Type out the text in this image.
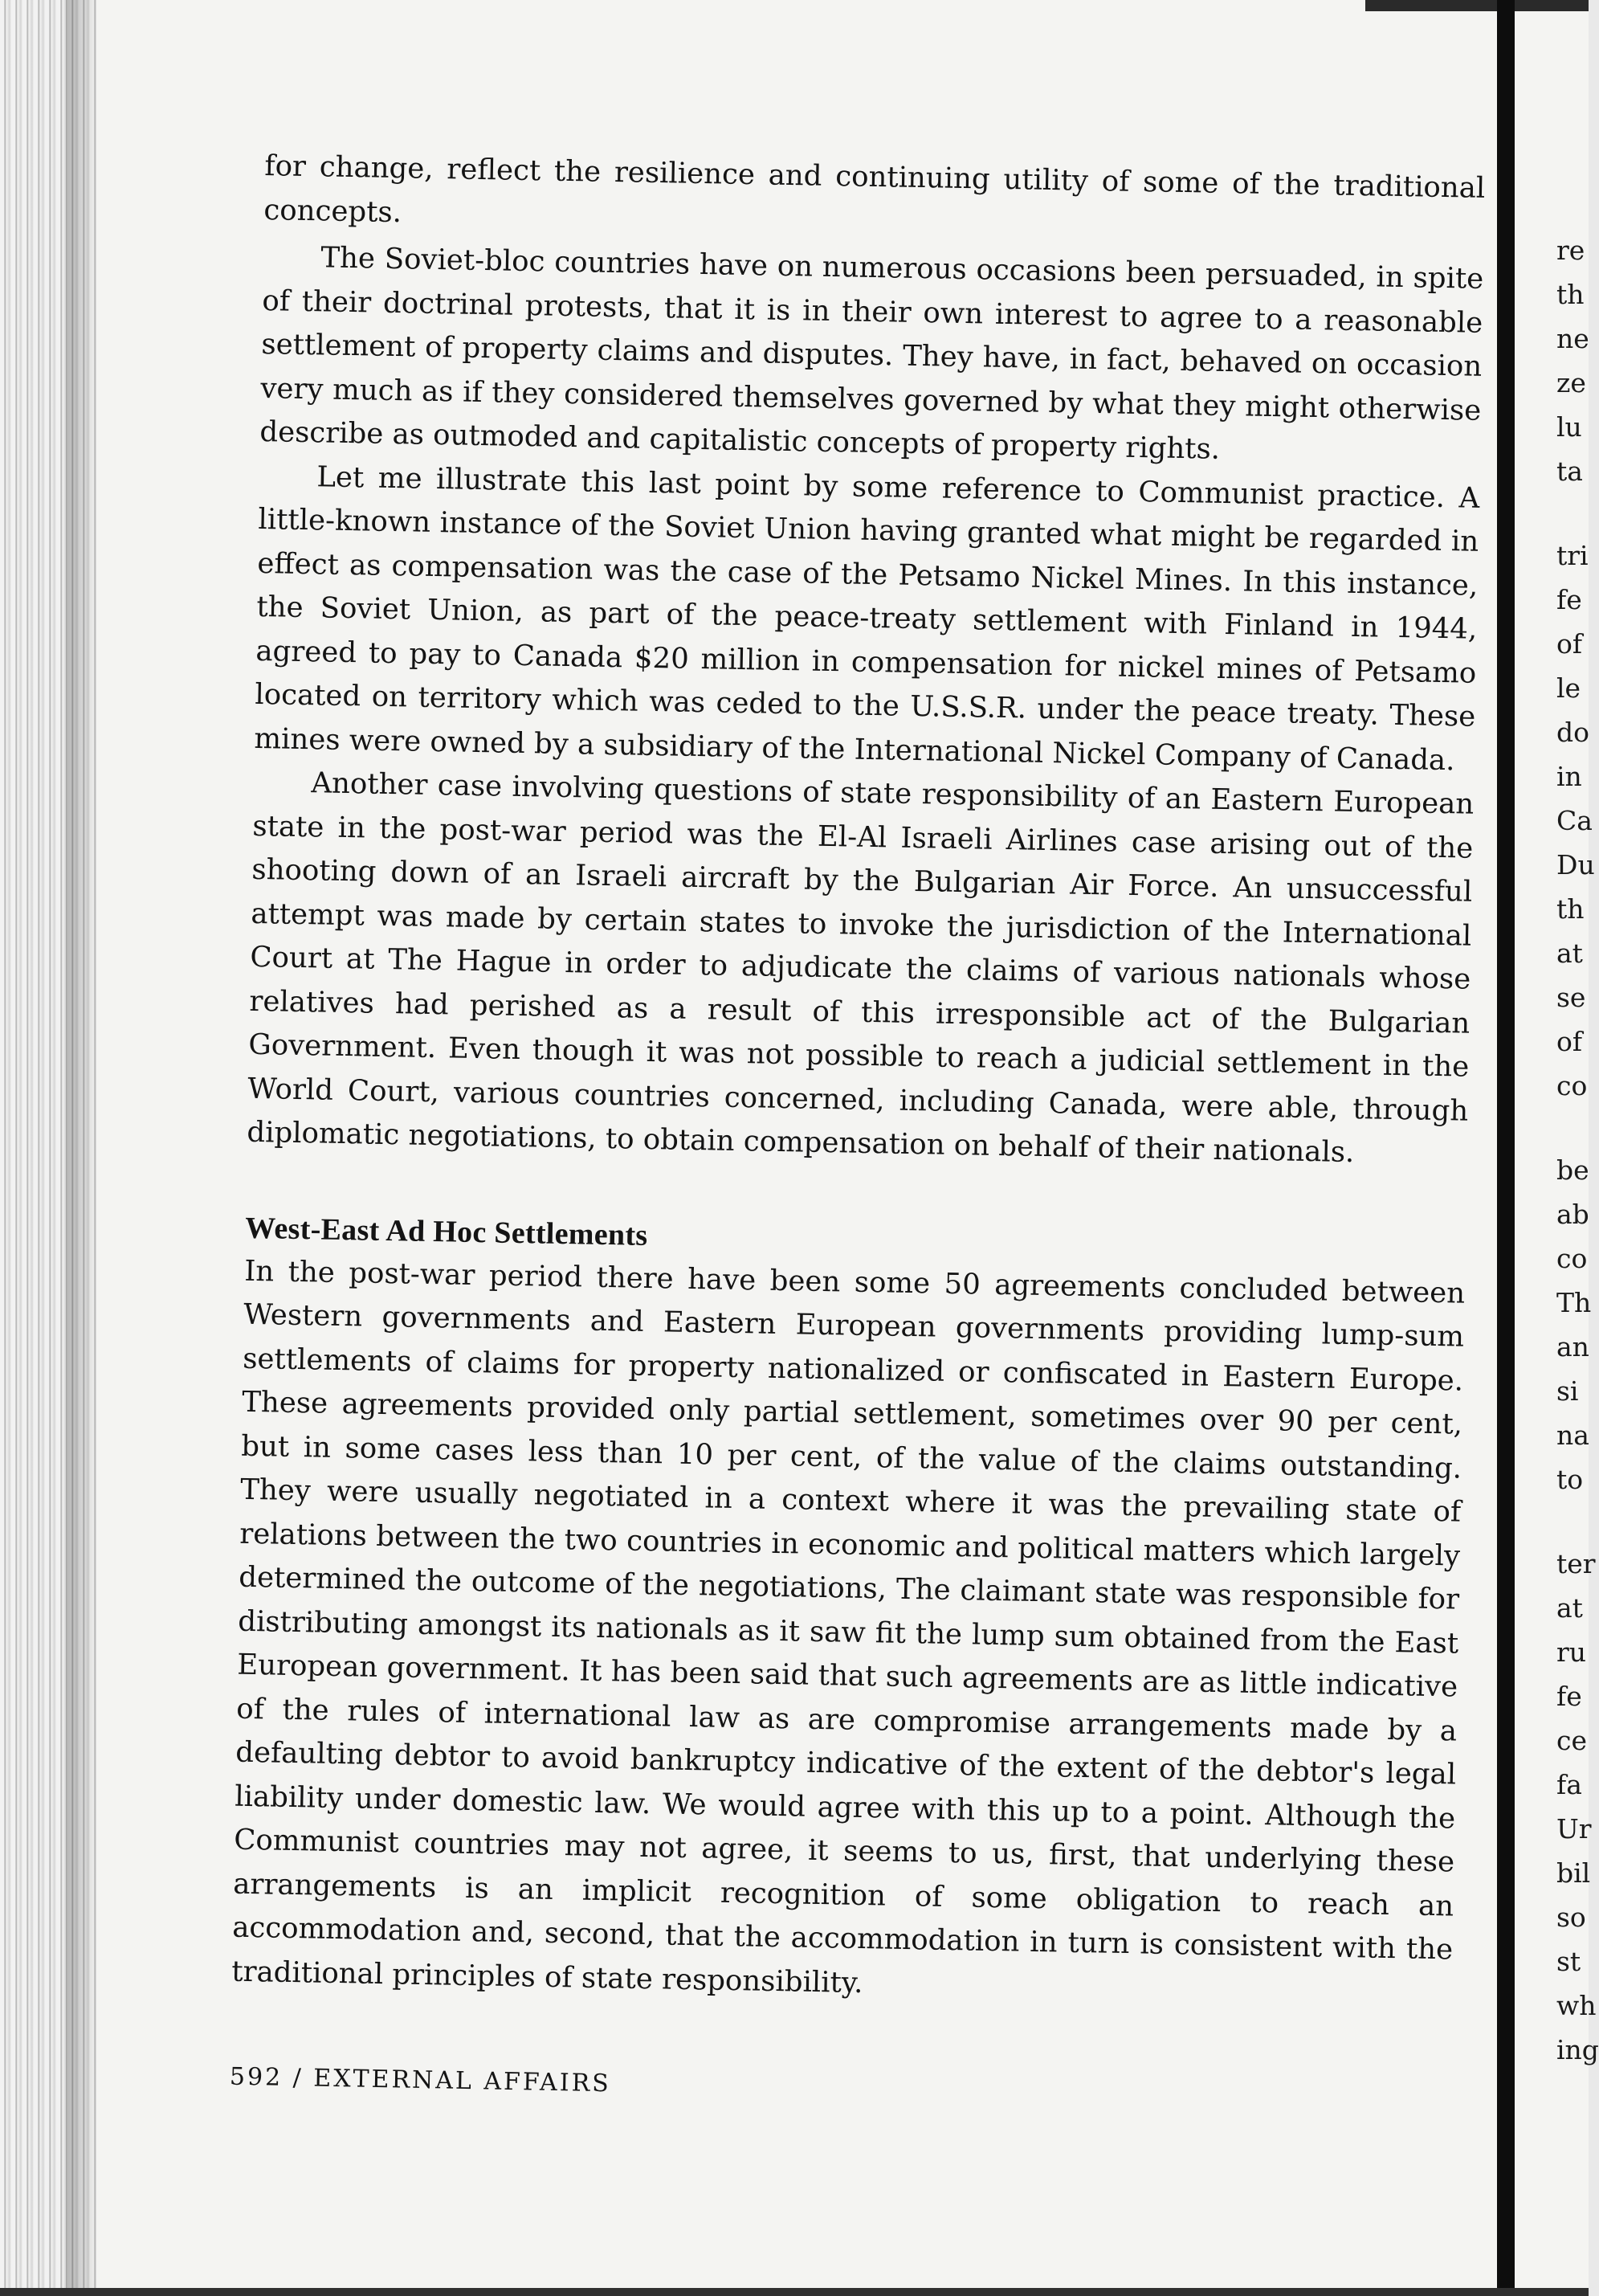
for change, reflect the resilience and continuing utility of some of the traditional concepts.

The Soviet-bloc countries have on numerous occasions been persuaded, in spite of their doctrinal protests, that it is in their own interest to agree to a reasonable settlement of property claims and disputes. They have, in fact, behaved on occasion very much as if they considered themselves governed by what they might otherwise describe as outmoded and capitalistic concepts of property rights.

Let me illustrate this last point by some reference to Communist practice. A little-known instance of the Soviet Union having granted what might be regarded in effect as compensation was the case of the Petsamo Nickel Mines. In this instance, the Soviet Union, as part of the peace-treaty settlement with Finland in 1944, agreed to pay to Canada $20 million in compensation for nickel mines of Petsamo located on territory which was ceded to the U.S.S.R. under the peace treaty. These mines were owned by a subsidiary of the International Nickel Company of Canada.

Another case involving questions of state responsibility of an Eastern European state in the post-war period was the El-Al Israeli Airlines case arising out of the shooting down of an Israeli aircraft by the Bulgarian Air Force. An unsuccessful attempt was made by certain states to invoke the jurisdiction of the International Court at The Hague in order to adjudicate the claims of various nationals whose relatives had perished as a result of this irresponsible act of the Bulgarian Government. Even though it was not possible to reach a judicial settlement in the World Court, various countries concerned, including Canada, were able, through diplomatic negotiations, to obtain compensation on behalf of their nationals.

West-East Ad Hoc Settlements

In the post-war period there have been some 50 agreements concluded between Western governments and Eastern European governments providing lump-sum settlements of claims for property nationalized or confiscated in Eastern Europe. These agreements provided only partial settlement, sometimes over 90 per cent, but in some cases less than 10 per cent, of the value of the claims outstanding. They were usually negotiated in a context where it was the prevailing state of relations between the two countries in economic and political matters which largely determined the outcome of the negotiations, The claimant state was responsible for distributing amongst its nationals as it saw fit the lump sum obtained from the East European government. It has been said that such agreements are as little indicative of the rules of international law as are compromise arrangements made by a defaulting debtor to avoid bankruptcy indicative of the extent of the debtor's legal liability under domestic law. We would agree with this up to a point. Although the Communist countries may not agree, it seems to us, first, that underlying these arrangements is an implicit recognition of some obligation to reach an accommodation and, second, that the accommodation in turn is consistent with the traditional principles of state responsibility.

592 / EXTERNAL AFFAIRS
re
th
ne
ze
lu
ta
tri
fe
of
le
do
in
Ca
Du
th
at
se
of
co
be
ab
co
Th
an
si
na
to
ter
at
ru
fe
ce
fa
Ur
bil
so
st
wh
ing
